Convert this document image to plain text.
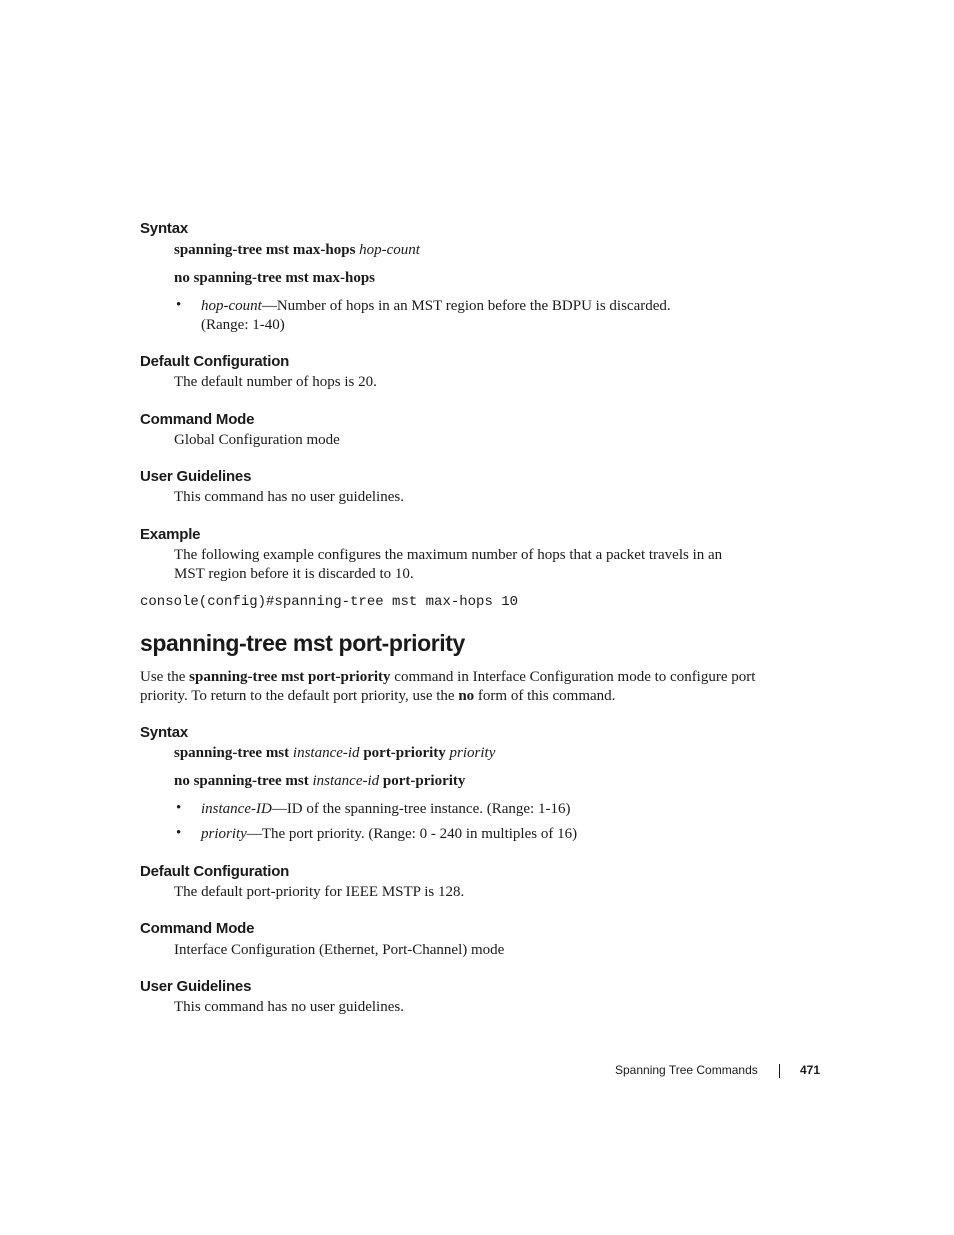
Syntax
spanning-tree mst max-hops hop-count
no spanning-tree mst max-hops
• hop-count—Number of hops in an MST region before the BDPU is discarded.
(Range: 1-40)
Default Configuration
The default number of hops is 20.
Command Mode
Global Configuration mode
User Guidelines
This command has no user guidelines.
Example
The following example configures the maximum number of hops that a packet travels in an
MST region before it is discarded to 10.
console(config)#spanning-tree mst max-hops 10
spanning-tree mst port-priority
Use the spanning-tree mst port-priority command in Interface Configuration mode to configure port priority. To return to the default port priority, use the no form of this command.
Syntax
spanning-tree mst instance-id port-priority priority
no spanning-tree mst instance-id port-priority
• instance-ID—ID of the spanning-tree instance. (Range: 1-16)
• priority—The port priority. (Range: 0 - 240 in multiples of 16)
Default Configuration
The default port-priority for IEEE MSTP is 128.
Command Mode
Interface Configuration (Ethernet, Port-Channel) mode
User Guidelines
This command has no user guidelines.
Spanning Tree Commands	471
